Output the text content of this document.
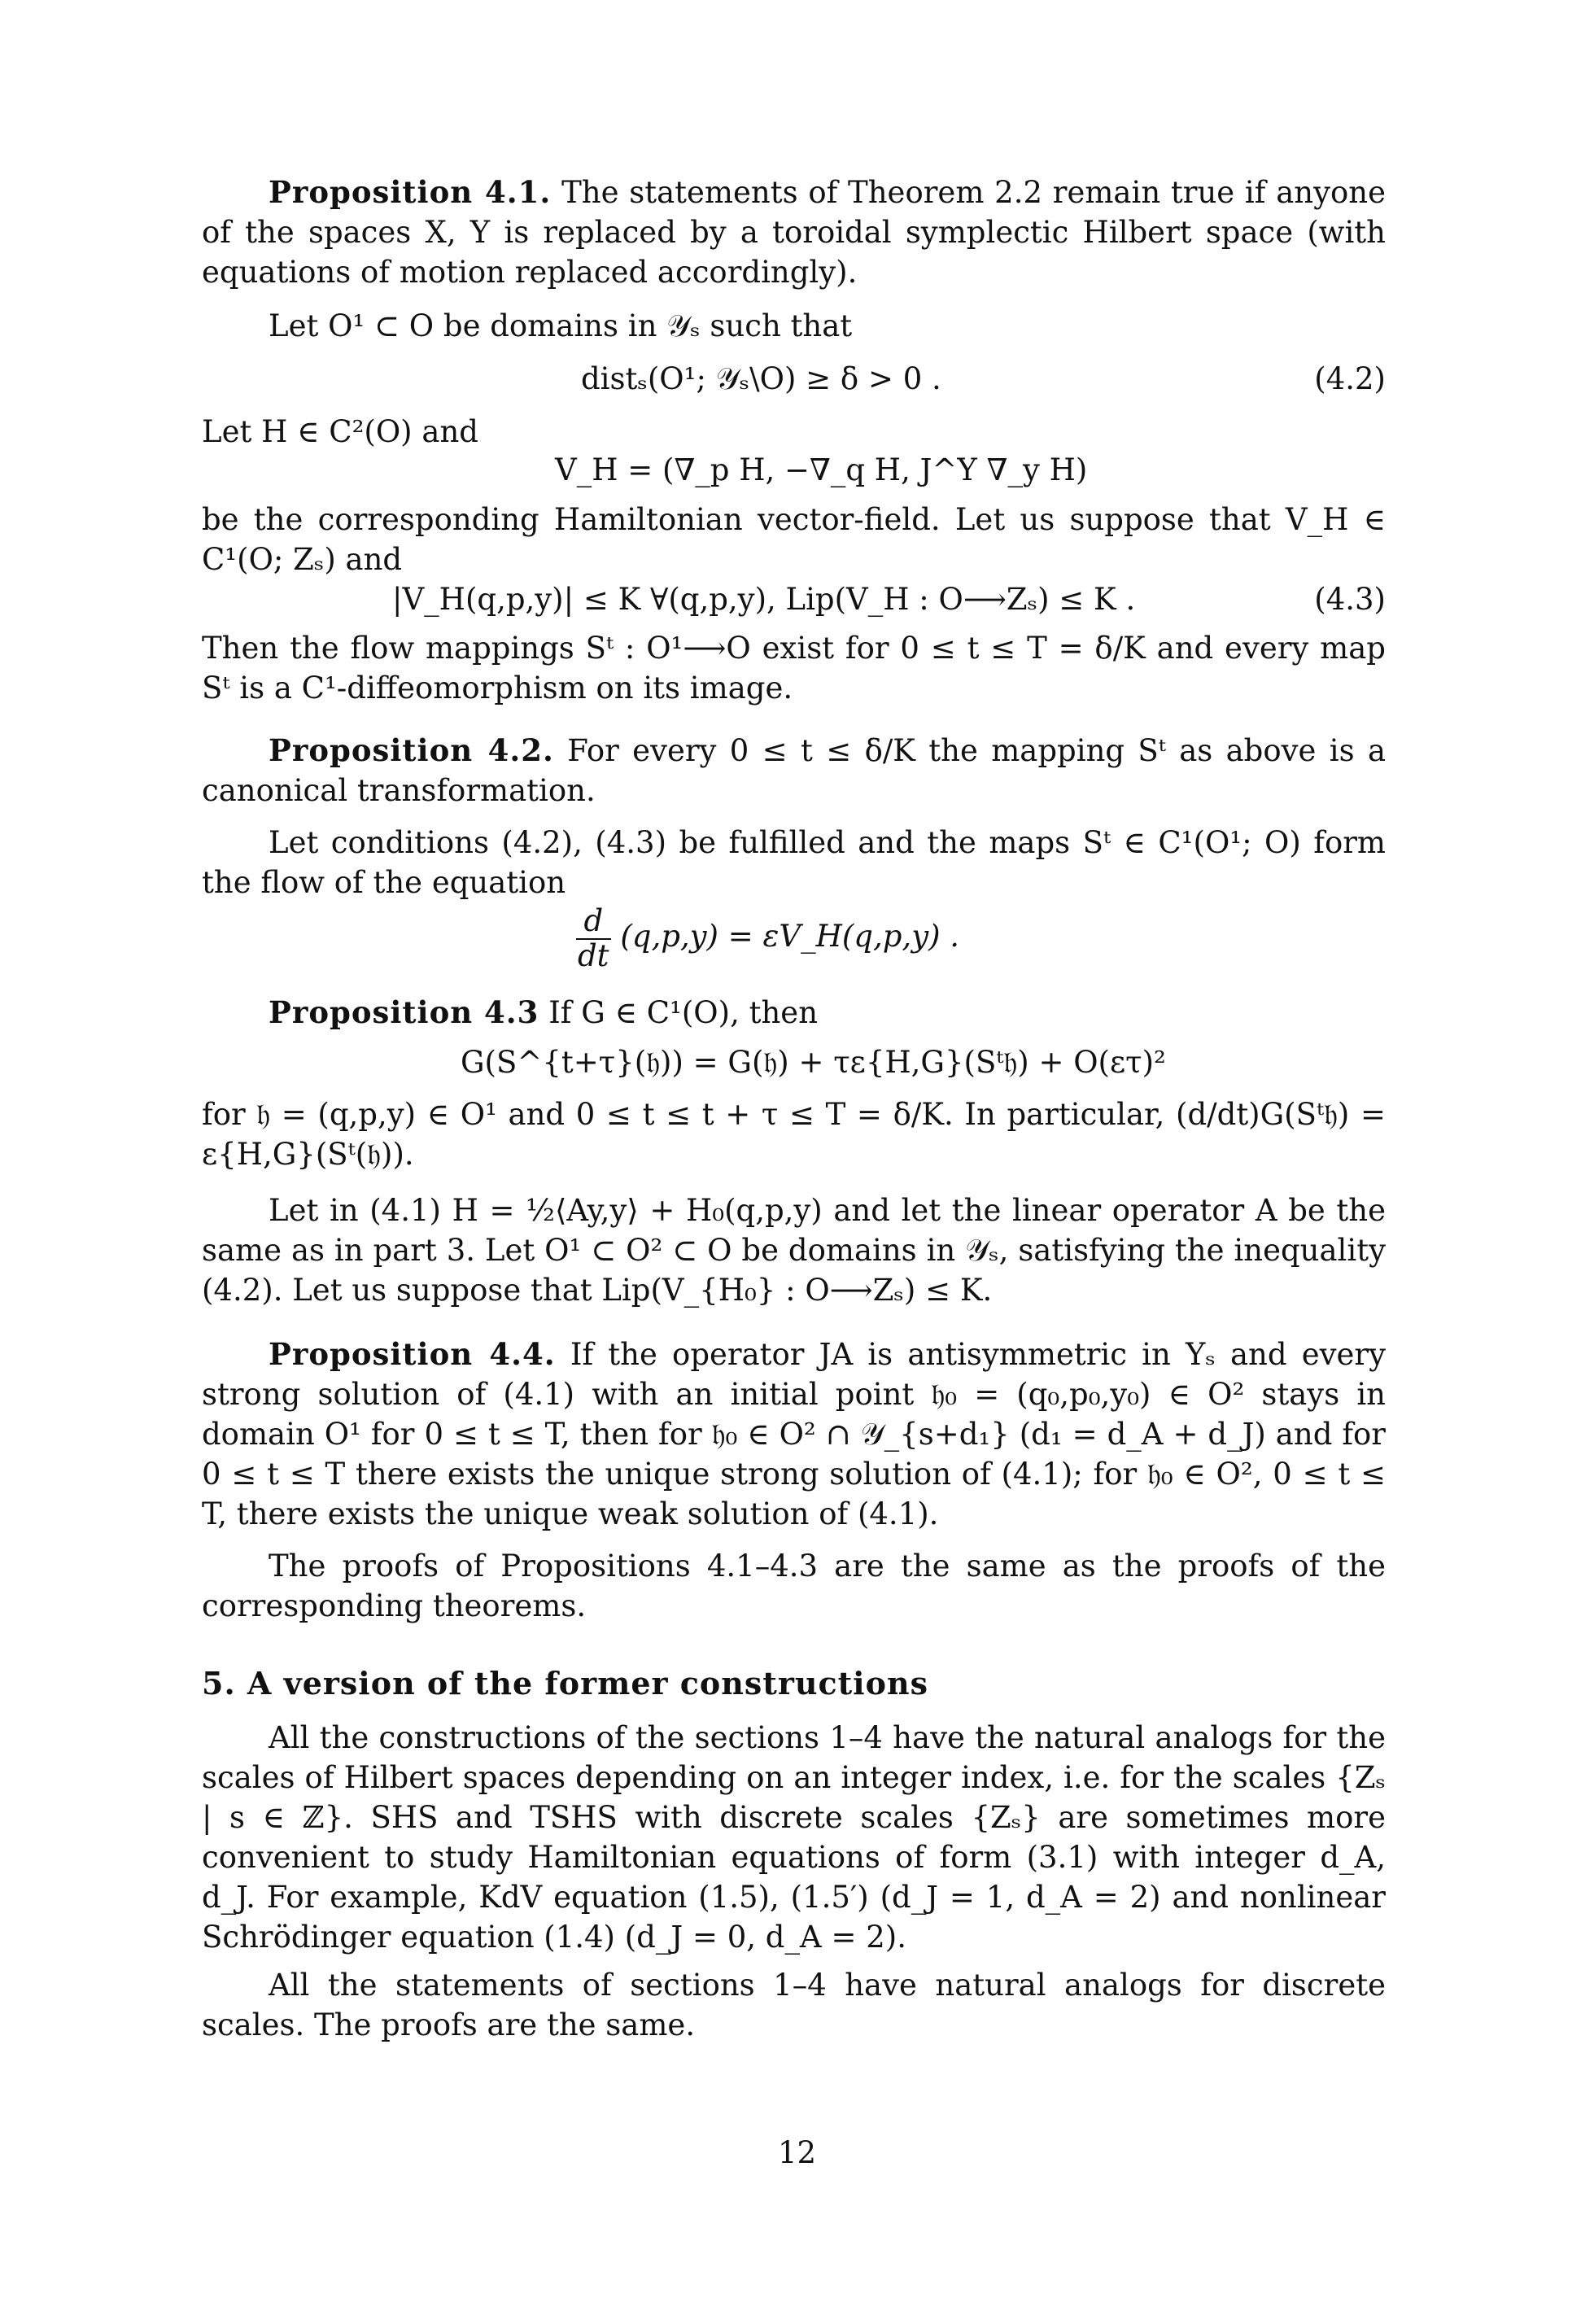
Proposition 4.1. The statements of Theorem 2.2 remain true if anyone of the spaces X, Y is replaced by a toroidal symplectic Hilbert space (with equations of motion replaced accordingly).
Let O¹ ⊂ O be domains in 𝒴ₛ such that
distₛ(O¹; 𝒴ₛ\O) ≥ δ > 0 .	(4.2)
Let H ∈ C²(O) and
V_H = (∇_p H, −∇_q H, J^Y ∇_y H)
be the corresponding Hamiltonian vector-field. Let us suppose that V_H ∈ C¹(O; Zₛ) and
|V_H(q,p,y)| ≤ K ∀(q,p,y), Lip(V_H : O⟶Zₛ) ≤ K .	(4.3)
Then the flow mappings Sᵗ : O¹⟶O exist for 0 ≤ t ≤ T = δ/K and every map Sᵗ is a C¹-diffeomorphism on its image.
Proposition 4.2. For every 0 ≤ t ≤ δ/K the mapping Sᵗ as above is a canonical transformation.
Let conditions (4.2), (4.3) be fulfilled and the maps Sᵗ ∈ C¹(O¹; O) form the flow of the equation
$\frac{d}{dt} (q,p,y)$ = εV_H(q,p,y) .
Proposition 4.3 If G ∈ C¹(O), then
G(S^{t+τ}(𝔥)) = G(𝔥) + τε{H,G}(Sᵗ𝔥) + O(ετ)²
for 𝔥 = (q,p,y) ∈ O¹ and 0 ≤ t ≤ t + τ ≤ T = δ/K. In particular, (d/dt)G(Sᵗ𝔥) = ε{H,G}(Sᵗ(𝔥)).
Let in (4.1) H = ½⟨Ay,y⟩ + H₀(q,p,y) and let the linear operator A be the same as in part 3. Let O¹ ⊂ O² ⊂ O be domains in 𝒴ₛ, satisfying the inequality (4.2). Let us suppose that Lip(V_{H₀} : O⟶Zₛ) ≤ K.
Proposition 4.4. If the operator JA is antisymmetric in Yₛ and every strong solution of (4.1) with an initial point 𝔥₀ = (q₀,p₀,y₀) ∈ O² stays in domain O¹ for 0 ≤ t ≤ T, then for 𝔥₀ ∈ O² ∩ 𝒴_{s+d₁} (d₁ = d_A + d_J) and for 0 ≤ t ≤ T there exists the unique strong solution of (4.1); for 𝔥₀ ∈ O², 0 ≤ t ≤ T, there exists the unique weak solution of (4.1).
The proofs of Propositions 4.1–4.3 are the same as the proofs of the corresponding theorems.
5. A version of the former constructions
All the constructions of the sections 1–4 have the natural analogs for the scales of Hilbert spaces depending on an integer index, i.e. for the scales {Zₛ | s ∈ ℤ}. SHS and TSHS with discrete scales {Zₛ} are sometimes more convenient to study Hamiltonian equations of form (3.1) with integer d_A, d_J. For example, KdV equation (1.5), (1.5′) (d_J = 1, d_A = 2) and nonlinear Schrödinger equation (1.4) (d_J = 0, d_A = 2).
All the statements of sections 1–4 have natural analogs for discrete scales. The proofs are the same.
12
